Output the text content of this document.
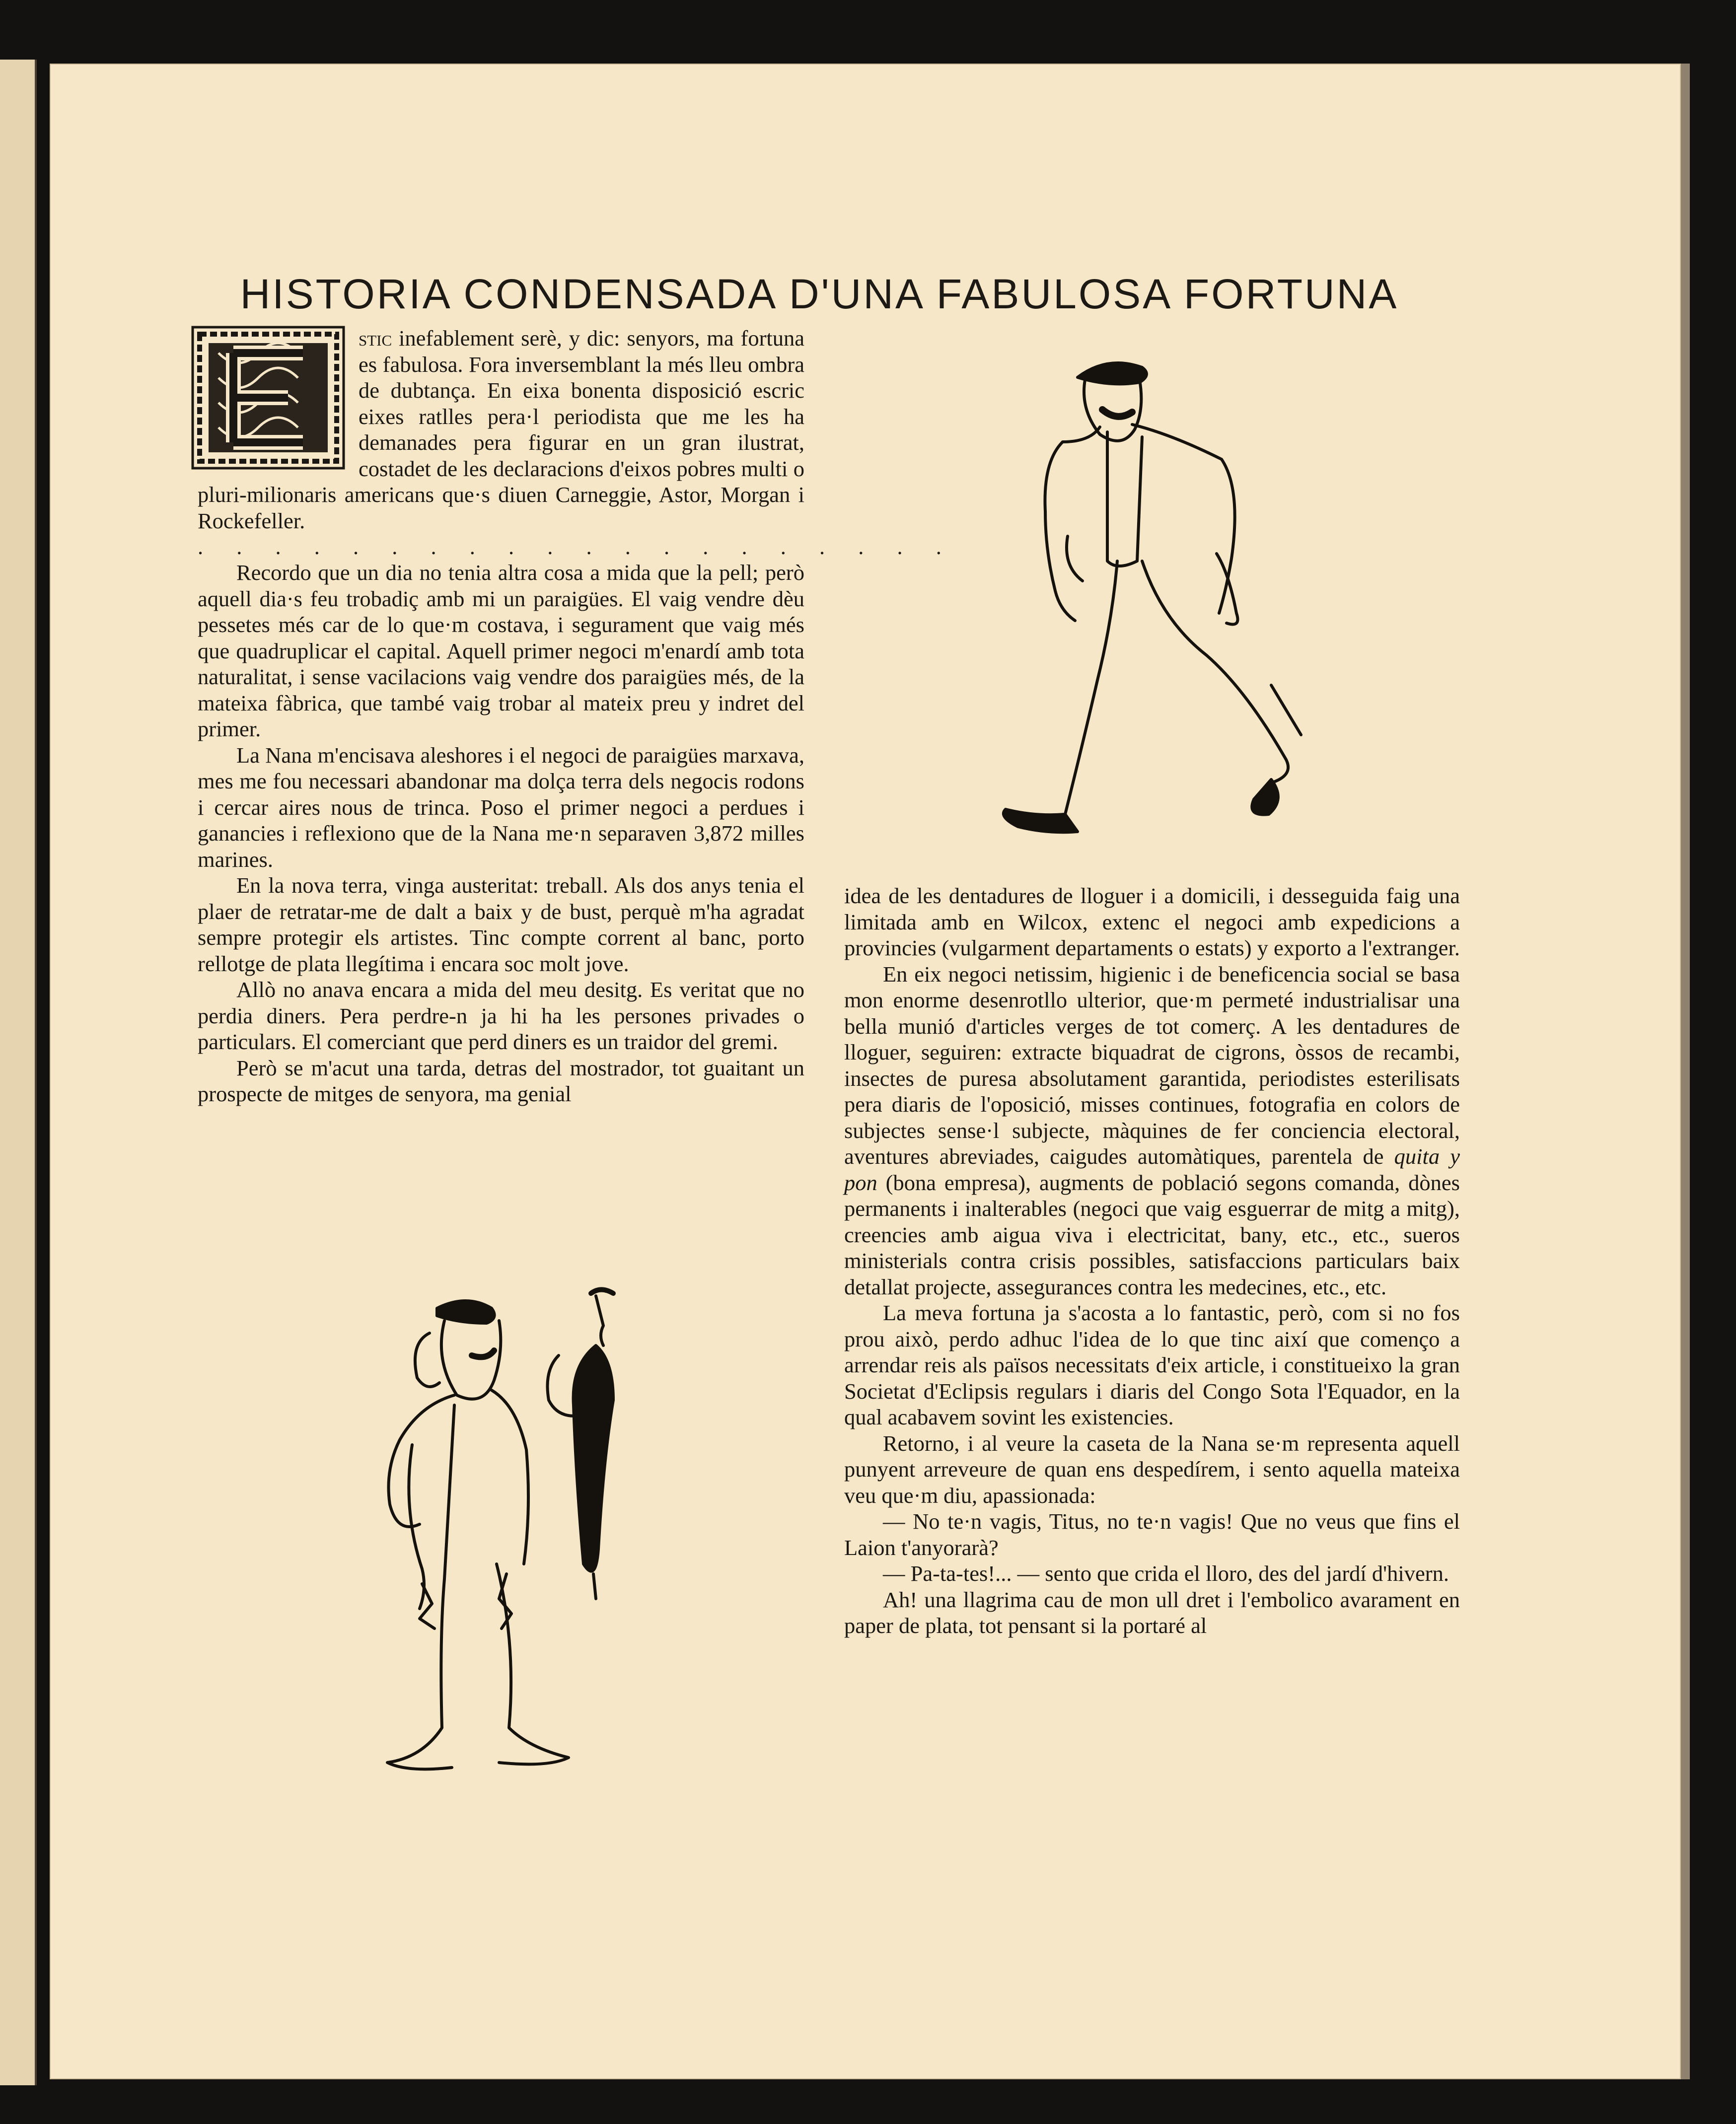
HISTORIA CONDENSADA D'UNA FABULOSA FORTUNA

stic inefablement serè, y dic: senyors, ma fortuna es fabulosa. Fora inversemblant la més lleu ombra de dubtança. En eixa bonenta disposició escric eixes ratlles pera·l periodista que me les ha demanades pera figurar en un gran ilustrat, costadet de les declaracions d'eixos pobres multi o pluri-milionaris americans que·s diuen Carneggie, Astor, Morgan i Rockefeller.

. . . . . . . . . . . . . . . . . . . .

Recordo que un dia no tenia altra cosa a mida que la pell; però aquell dia·s feu trobadiç amb mi un paraigües. El vaig vendre dèu pessetes més car de lo que·m costava, i segurament que vaig més que quadruplicar el capital. Aquell primer negoci m'enardí amb tota naturalitat, i sense vacilacions vaig vendre dos paraigües més, de la mateixa fàbrica, que també vaig trobar al mateix preu y indret del primer.

La Nana m'encisava aleshores i el negoci de paraigües marxava, mes me fou necessari abandonar ma dolça terra dels negocis rodons i cercar aires nous de trinca. Poso el primer negoci a perdues i ganancies i reflexiono que de la Nana me·n separaven 3,872 milles marines.

En la nova terra, vinga austeritat: treball. Als dos anys tenia el plaer de retratar-me de dalt a baix y de bust, perquè m'ha agradat sempre protegir els artistes. Tinc compte corrent al banc, porto rellotge de plata llegítima i encara soc molt jove.

Allò no anava encara a mida del meu desitg. Es veritat que no perdia diners. Pera perdre-n ja hi ha les persones privades o particulars. El comerciant que perd diners es un traidor del gremi.

Però se m'acut una tarda, detras del mostrador, tot guaitant un prospecte de mitges de senyora, ma genial

idea de les dentadures de lloguer i a domicili, i desseguida faig una limitada amb en Wilcox, extenc el negoci amb expedicions a provincies (vulgarment departaments o estats) y exporto a l'extranger.

En eix negoci netissim, higienic i de beneficencia social se basa mon enorme desenrotllo ulterior, que·m permeté industrialisar una bella munió d'articles verges de tot comerç. A les dentadures de lloguer, seguiren: extracte biquadrat de cigrons, òssos de recambi, insectes de puresa absolutament garantida, periodistes esterilisats pera diaris de l'oposició, misses continues, fotografia en colors de subjectes sense·l subjecte, màquines de fer conciencia electoral, aventures abreviades, caigudes automàtiques, parentela de quita y pon (bona empresa), augments de població segons comanda, dònes permanents i inalterables (negoci que vaig esguerrar de mitg a mitg), creencies amb aigua viva i electricitat, bany, etc., etc., sueros ministerials contra crisis possibles, satisfaccions particulars baix detallat projecte, assegurances contra les medecines, etc., etc.

La meva fortuna ja s'acosta a lo fantastic, però, com si no fos prou això, perdo adhuc l'idea de lo que tinc així que començo a arrendar reis als països necessitats d'eix article, i constitueixo la gran Societat d'Eclipsis regulars i diaris del Congo Sota l'Equador, en la qual acabavem sovint les existencies.

Retorno, i al veure la caseta de la Nana se·m representa aquell punyent arreveure de quan ens despedírem, i sento aquella mateixa veu que·m diu, apassionada:

— No te·n vagis, Titus, no te·n vagis! Que no veus que fins el Laion t'anyorarà?

— Pa-ta-tes!... — sento que crida el lloro, des del jardí d'hivern.

Ah! una llagrima cau de mon ull dret i l'embolico avarament en paper de plata, tot pensant si la portaré al
